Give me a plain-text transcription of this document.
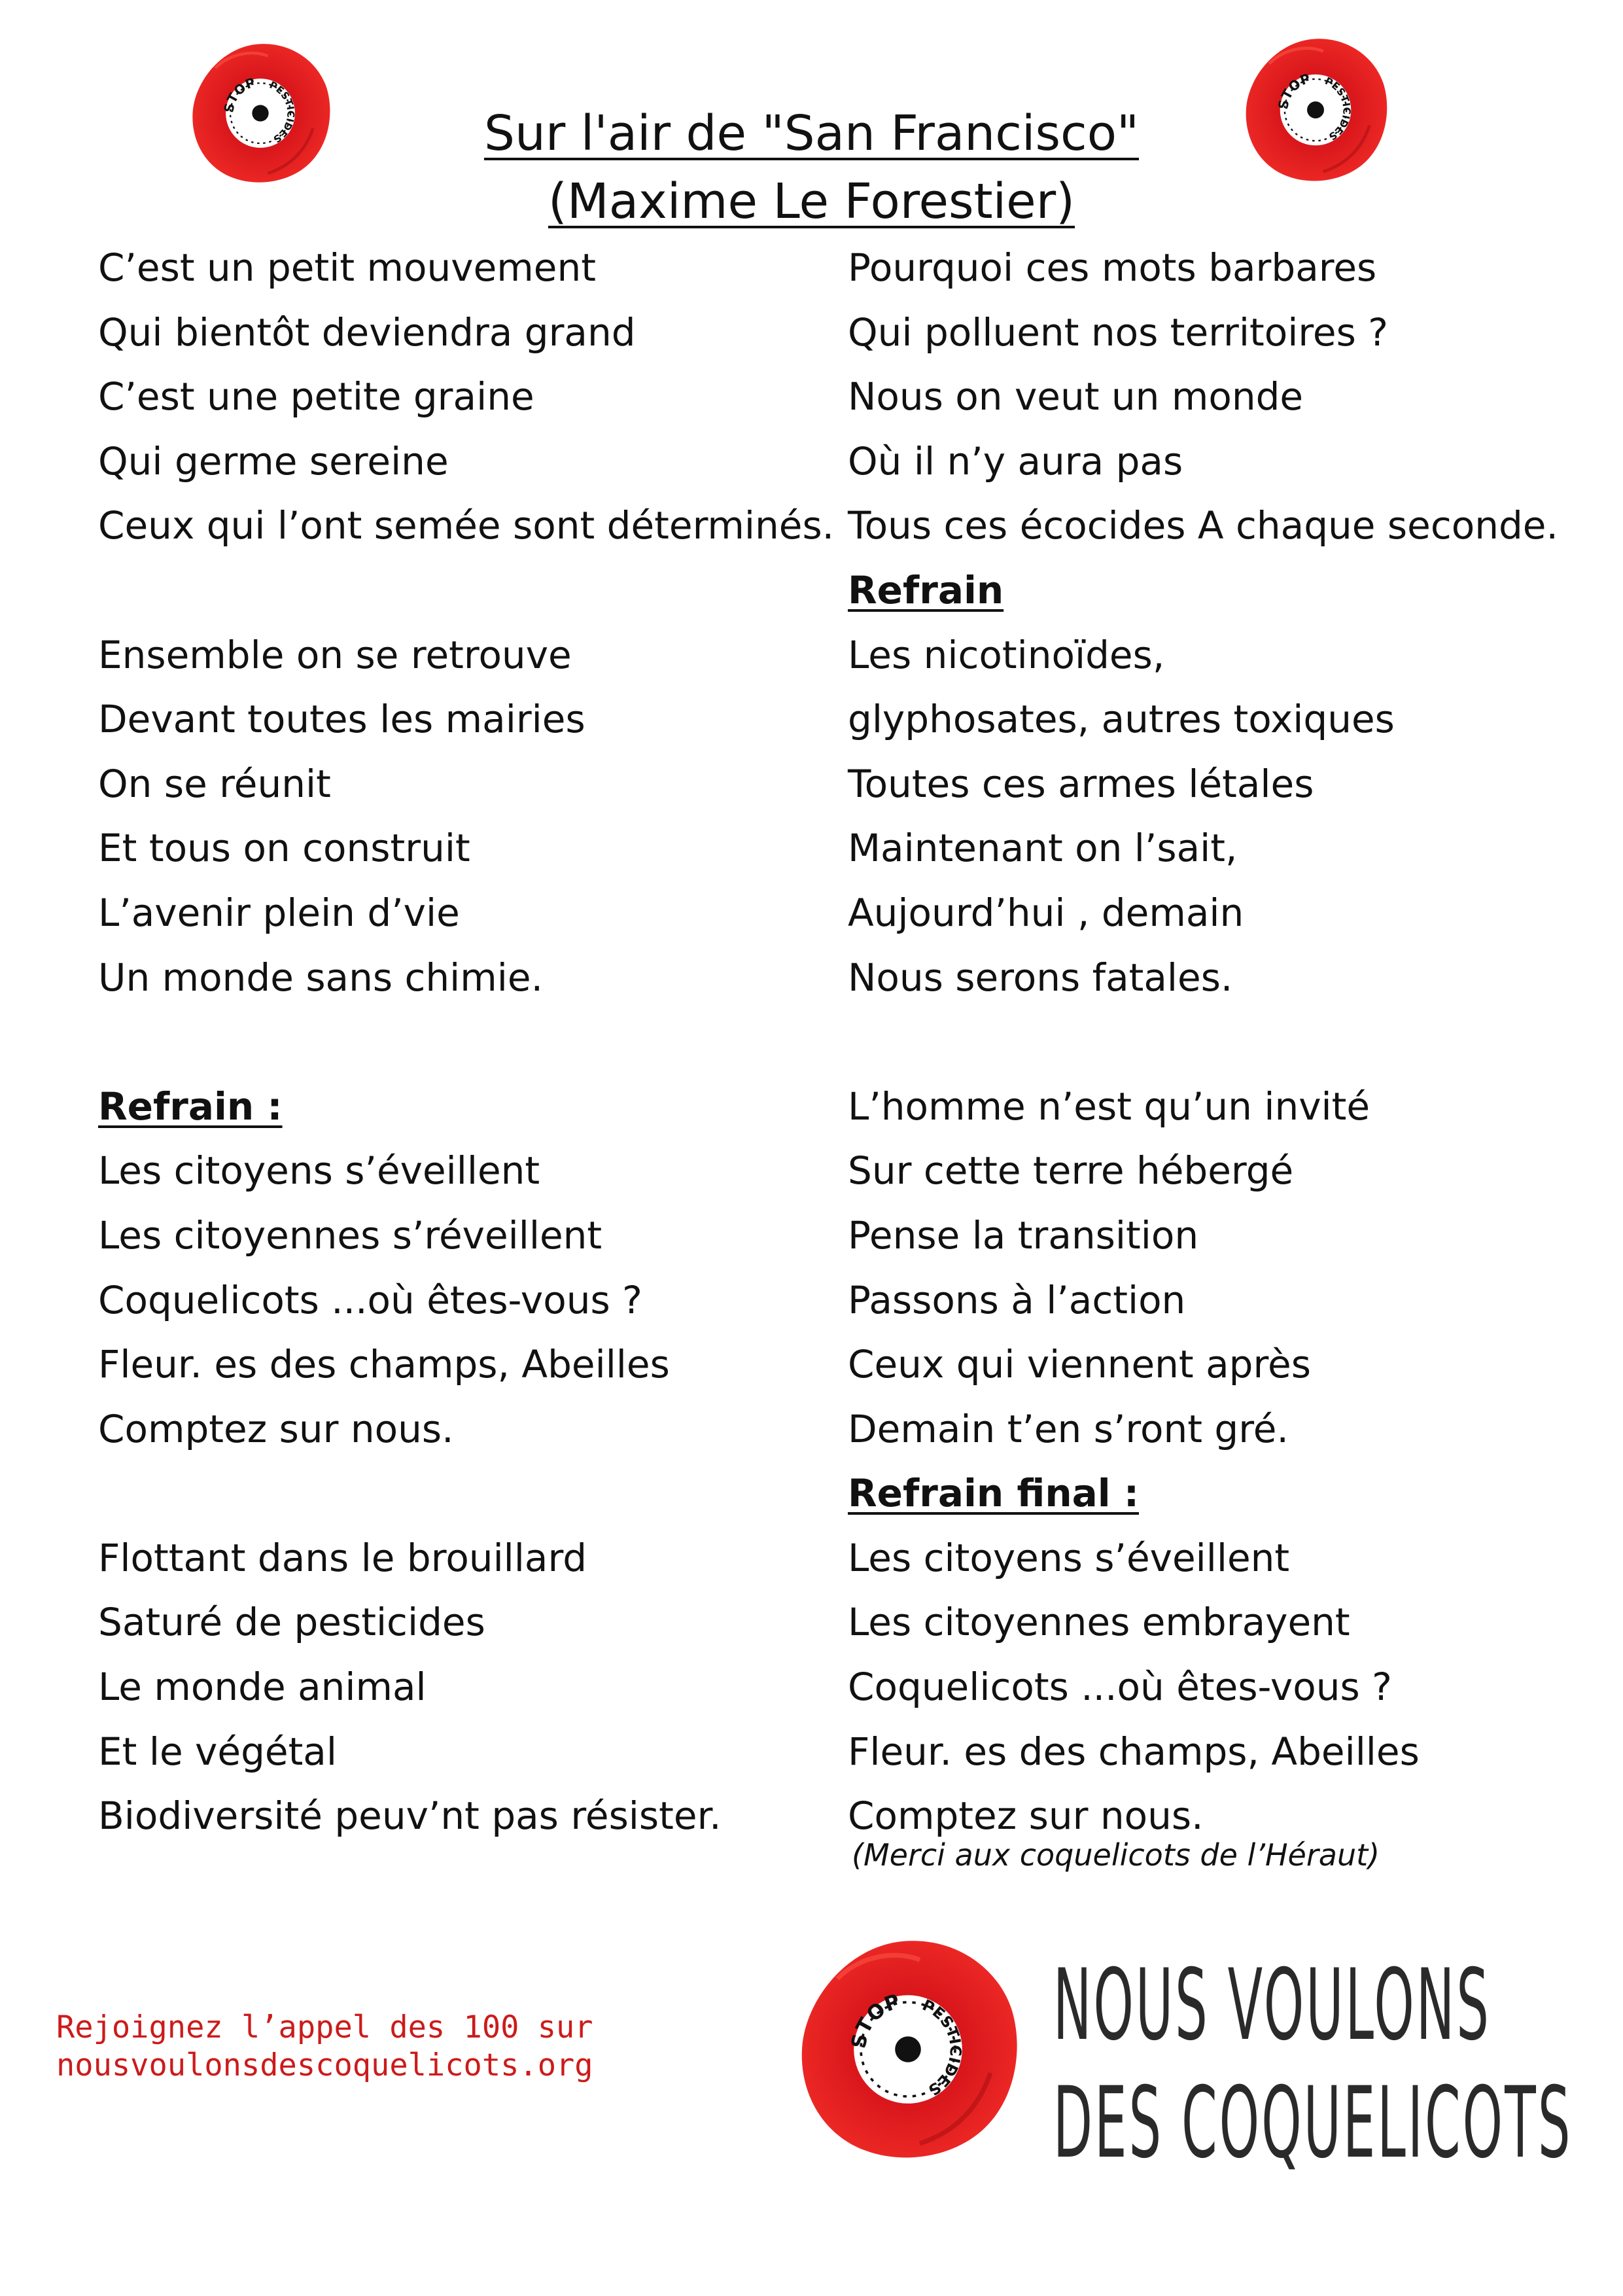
STOP PESTICIDES
STOP PESTICIDES
Sur l'air de "San Francisco"
(Maxime Le Forestier)
C’est un petit mouvement
Qui bientôt deviendra grand
C’est une petite graine
Qui germe sereine
Ceux qui l’ont semée sont déterminés.
Ensemble on se retrouve
Devant toutes les mairies
On se réunit
Et tous on construit
L’avenir plein d’vie
Un monde sans chimie.
Refrain :
Les citoyens s’éveillent
Les citoyennes s’réveillent
Coquelicots ...où êtes-vous ?
Fleur. es des champs, Abeilles
Comptez sur nous.
Flottant dans le brouillard
Saturé de pesticides
Le monde animal
Et le végétal
Biodiversité peuv’nt pas résister.
Pourquoi ces mots barbares
Qui polluent nos territoires ?
Nous on veut un monde
Où il n’y aura pas
Tous ces écocides A chaque seconde.
Refrain
Les nicotinoïdes,
glyphosates, autres toxiques
Toutes ces armes létales
Maintenant on l’sait,
Aujourd’hui , demain
Nous serons fatales.
L’homme n’est qu’un invité
Sur cette terre hébergé
Pense la transition
Passons à l’action
Ceux qui viennent après
Demain t’en s’ront gré.
Refrain final :
Les citoyens s’éveillent
Les citoyennes embrayent
Coquelicots ...où êtes-vous ?
Fleur. es des champs, Abeilles
Comptez sur nous.
(Merci aux coquelicots de l’Héraut)
Rejoignez l’appel des 100 sur
nousvoulonsdescoquelicots.org
STOP PESTICIDES
NOUS VOULONS
DES COQUELICOTS
